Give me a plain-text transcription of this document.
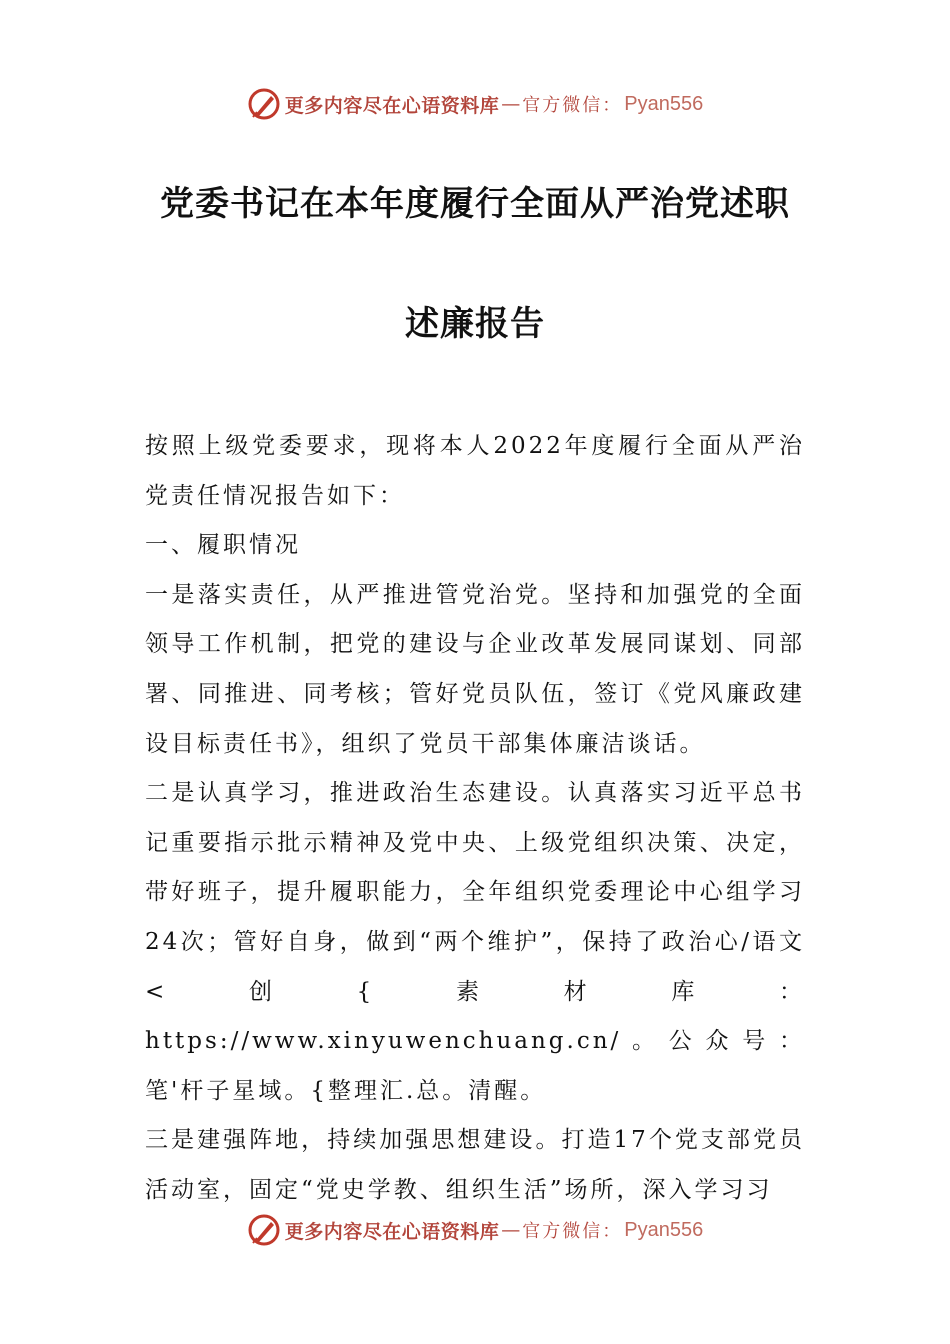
更多内容尽在心语资料库 — 官方微信： Pyan556
党委书记在本年度履行全面从严治党述职
述廉报告

按照上级党委要求，现将本人2022年度履行全面从严治党责任情况报告如下：

一、履职情况

一是落实责任，从严推进管党治党。坚持和加强党的全面领导工作机制，把党的建设与企业改革发展同谋划、同部署、同推进、同考核；管好党员队伍，签订《党风廉政建设目标责任书》，组织了党员干部集体廉洁谈话。

二是认真学习，推进政治生态建设。认真落实习近平总书记重要指示批示精神及党中央、上级党组织决策、决定，带好班子，提升履职能力，全年组织党委理论中心组学习24次；管好自身，做到“两个维护”，保持了政治心/语文<创{素材库：https://www.xinyuwenchuang.cn/。公众号：笔'杆子星域。{整理汇.总。清醒。

三是建强阵地，持续加强思想建设。打造17个党支部党员活动室，固定“党史学教、组织生活”场所，深入学习习

更多内容尽在心语资料库 — 官方微信： Pyan556
